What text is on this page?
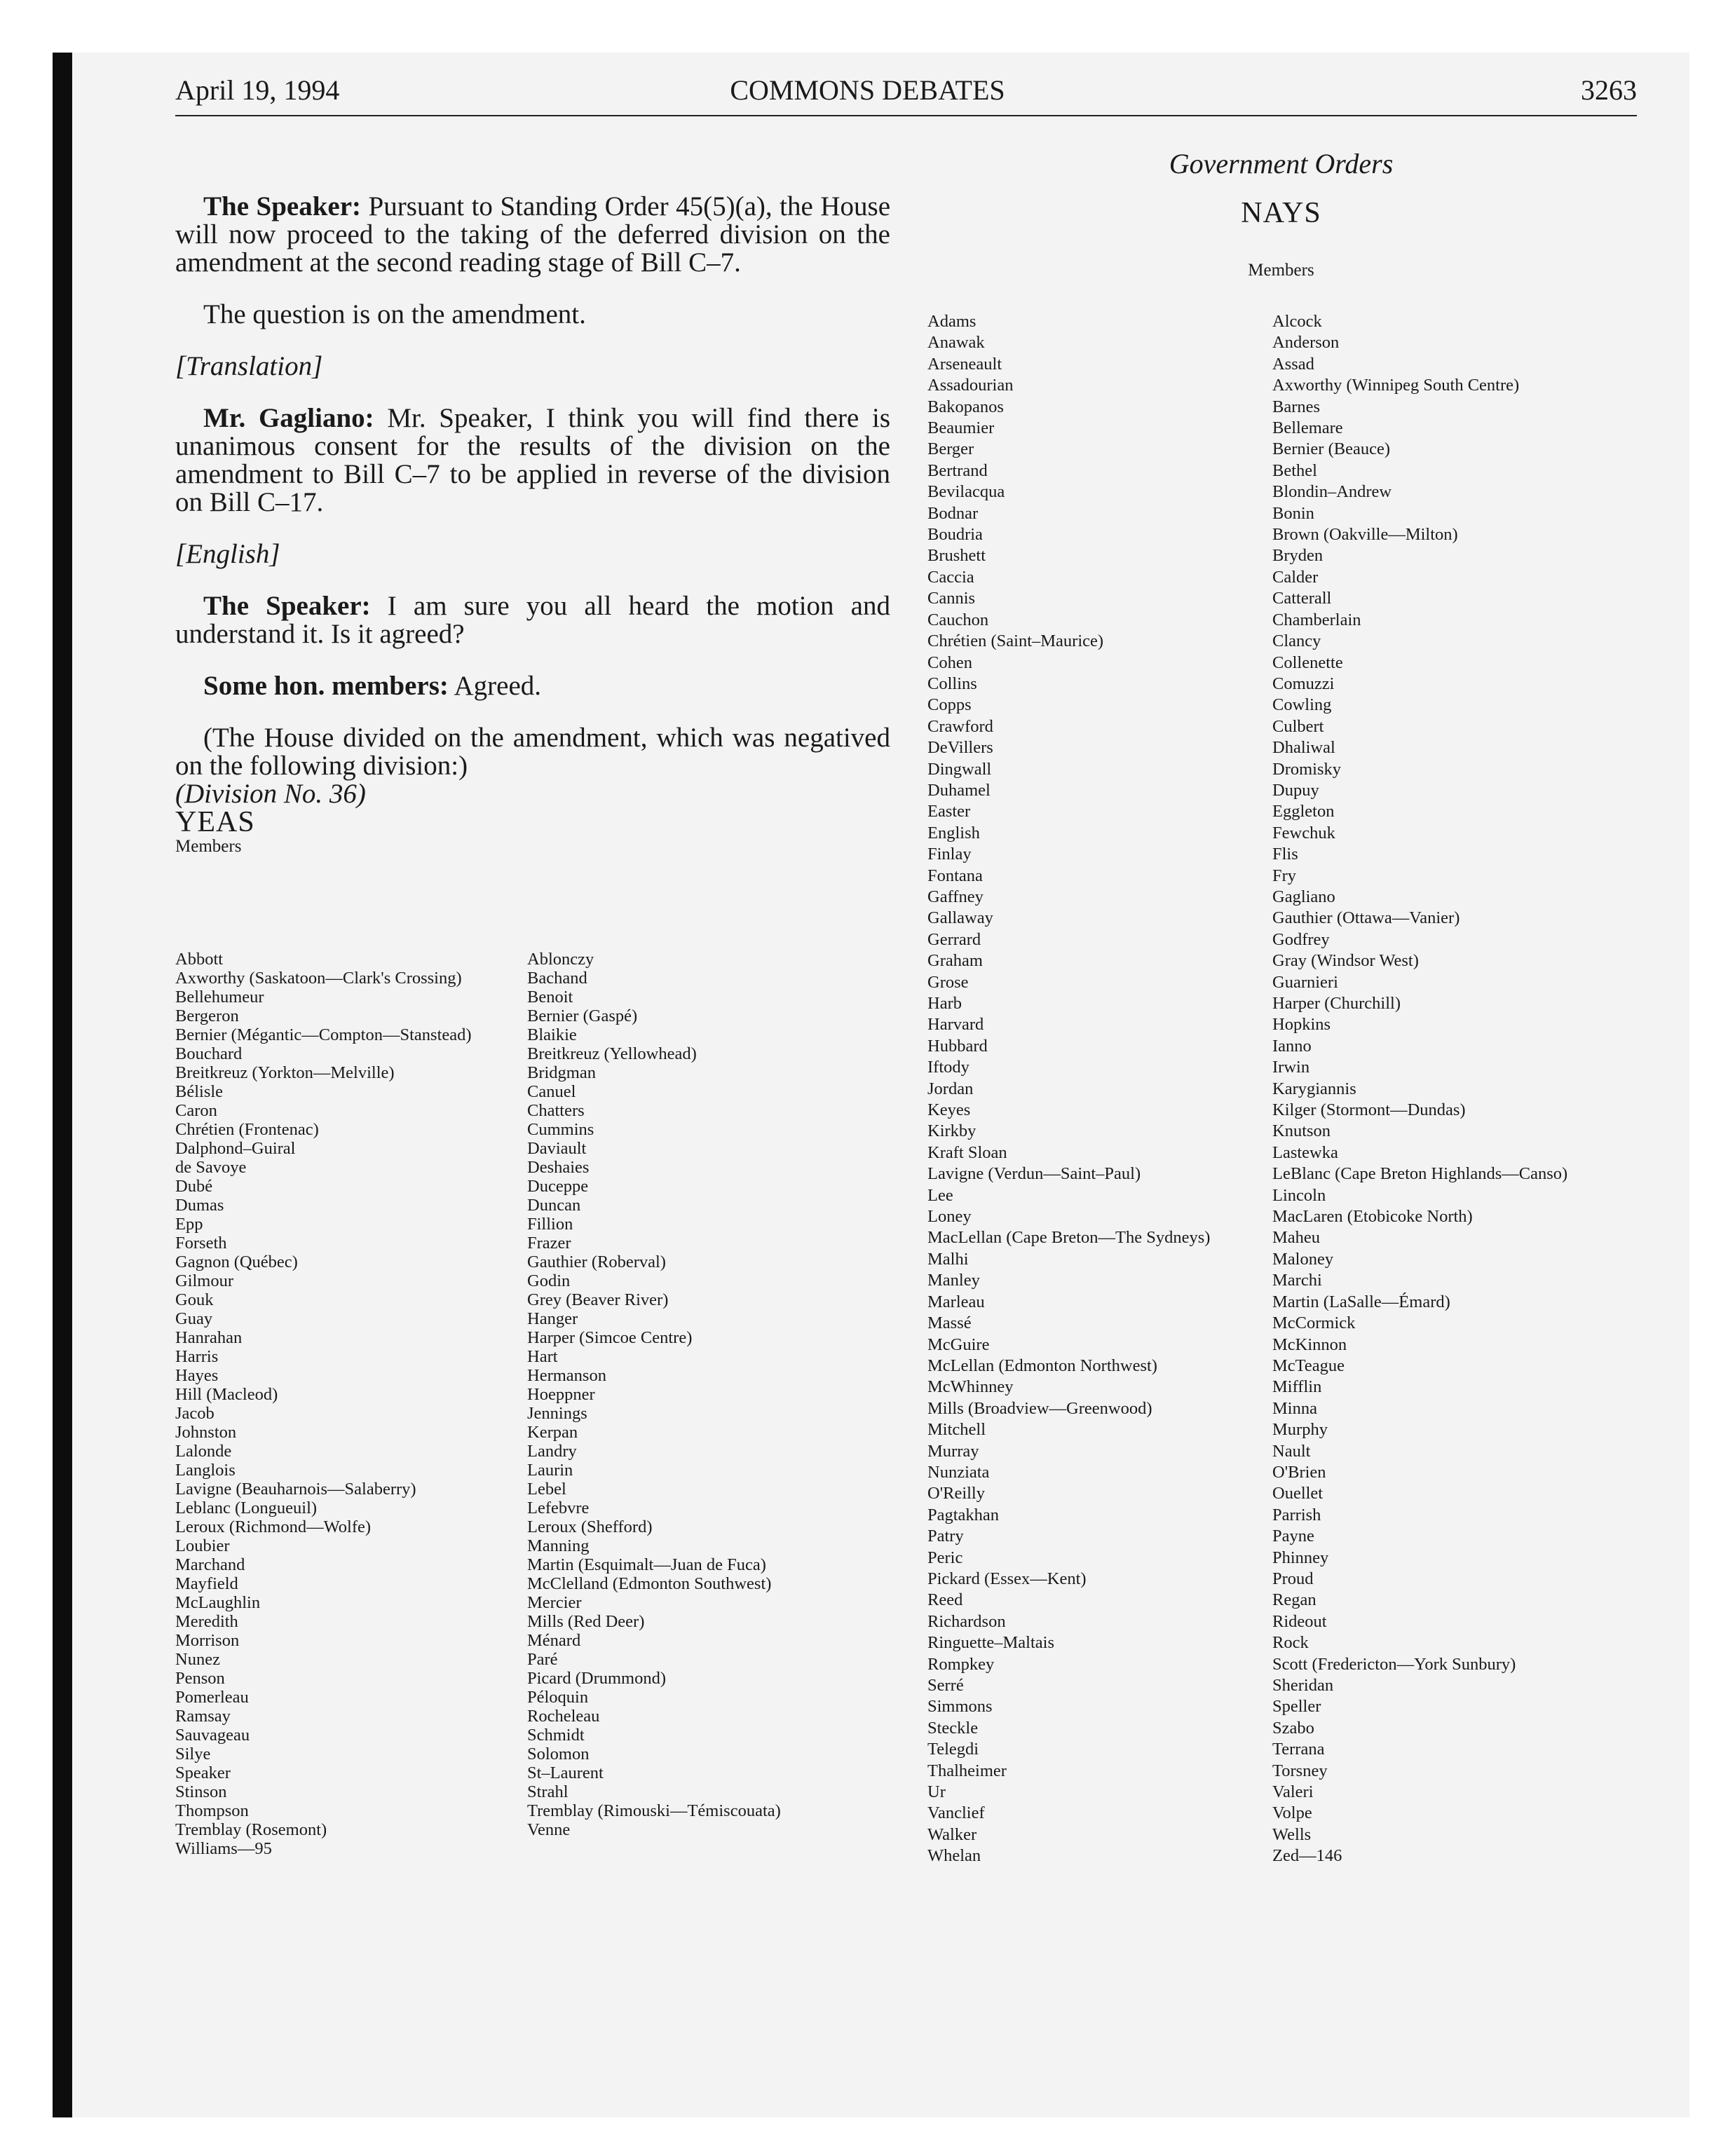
April 19, 1994	COMMONS DEBATES	3263

The Speaker: Pursuant to Standing Order 45(5)(a), the House will now proceed to the taking of the deferred division on the amendment at the second reading stage of Bill C–7.

The question is on the amendment.

[Translation]

Mr. Gagliano: Mr. Speaker, I think you will find there is unanimous consent for the results of the division on the amendment to Bill C–7 to be applied in reverse of the division on Bill C–17.

[English]

The Speaker: I am sure you all heard the motion and understand it. Is it agreed?

Some hon. members: Agreed.

(The House divided on the amendment, which was negatived on the following division:)

(Division No. 36)

YEAS

Members

Abbott
Axworthy (Saskatoon—Clark's Crossing)
Bellehumeur
Bergeron
Bernier (Mégantic—Compton—Stanstead)
Bouchard
Breitkreuz (Yorkton—Melville)
Bélisle
Caron
Chrétien (Frontenac)
Dalphond–Guiral
de Savoye
Dubé
Dumas
Epp
Forseth
Gagnon (Québec)
Gilmour
Gouk
Guay
Hanrahan
Harris
Hayes
Hill (Macleod)
Jacob
Johnston
Lalonde
Langlois
Lavigne (Beauharnois—Salaberry)
Leblanc (Longueuil)
Leroux (Richmond—Wolfe)
Loubier
Marchand
Mayfield
McLaughlin
Meredith
Morrison
Nunez
Penson
Pomerleau
Ramsay
Sauvageau
Silye
Speaker
Stinson
Thompson
Tremblay (Rosemont)
Williams—95
Ablonczy
Bachand
Benoit
Bernier (Gaspé)
Blaikie
Breitkreuz (Yellowhead)
Bridgman
Canuel
Chatters
Cummins
Daviault
Deshaies
Duceppe
Duncan
Fillion
Frazer
Gauthier (Roberval)
Godin
Grey (Beaver River)
Hanger
Harper (Simcoe Centre)
Hart
Hermanson
Hoeppner
Jennings
Kerpan
Landry
Laurin
Lebel
Lefebvre
Leroux (Shefford)
Manning
Martin (Esquimalt—Juan de Fuca)
McClelland (Edmonton Southwest)
Mercier
Mills (Red Deer)
Ménard
Paré
Picard (Drummond)
Péloquin
Rocheleau
Schmidt
Solomon
St–Laurent
Strahl
Tremblay (Rimouski—Témiscouata)
Venne
Government Orders
NAYS
Members
Adams
Anawak
Arseneault
Assadourian
Bakopanos
Beaumier
Berger
Bertrand
Bevilacqua
Bodnar
Boudria
Brushett
Caccia
Cannis
Cauchon
Chrétien (Saint–Maurice)
Cohen
Collins
Copps
Crawford
DeVillers
Dingwall
Duhamel
Easter
English
Finlay
Fontana
Gaffney
Gallaway
Gerrard
Graham
Grose
Harb
Harvard
Hubbard
Iftody
Jordan
Keyes
Kirkby
Kraft Sloan
Lavigne (Verdun—Saint–Paul)
Lee
Loney
MacLellan (Cape Breton—The Sydneys)
Malhi
Manley
Marleau
Massé
McGuire
McLellan (Edmonton Northwest)
McWhinney
Mills (Broadview—Greenwood)
Mitchell
Murray
Nunziata
O'Reilly
Pagtakhan
Patry
Peric
Pickard (Essex—Kent)
Reed
Richardson
Ringuette–Maltais
Rompkey
Serré
Simmons
Steckle
Telegdi
Thalheimer
Ur
Vanclief
Walker
Whelan
Alcock
Anderson
Assad
Axworthy (Winnipeg South Centre)
Barnes
Bellemare
Bernier (Beauce)
Bethel
Blondin–Andrew
Bonin
Brown (Oakville—Milton)
Bryden
Calder
Catterall
Chamberlain
Clancy
Collenette
Comuzzi
Cowling
Culbert
Dhaliwal
Dromisky
Dupuy
Eggleton
Fewchuk
Flis
Fry
Gagliano
Gauthier (Ottawa—Vanier)
Godfrey
Gray (Windsor West)
Guarnieri
Harper (Churchill)
Hopkins
Ianno
Irwin
Karygiannis
Kilger (Stormont—Dundas)
Knutson
Lastewka
LeBlanc (Cape Breton Highlands—Canso)
Lincoln
MacLaren (Etobicoke North)
Maheu
Maloney
Marchi
Martin (LaSalle—Émard)
McCormick
McKinnon
McTeague
Mifflin
Minna
Murphy
Nault
O'Brien
Ouellet
Parrish
Payne
Phinney
Proud
Regan
Rideout
Rock
Scott (Fredericton—York Sunbury)
Sheridan
Speller
Szabo
Terrana
Torsney
Valeri
Volpe
Wells
Zed—146
